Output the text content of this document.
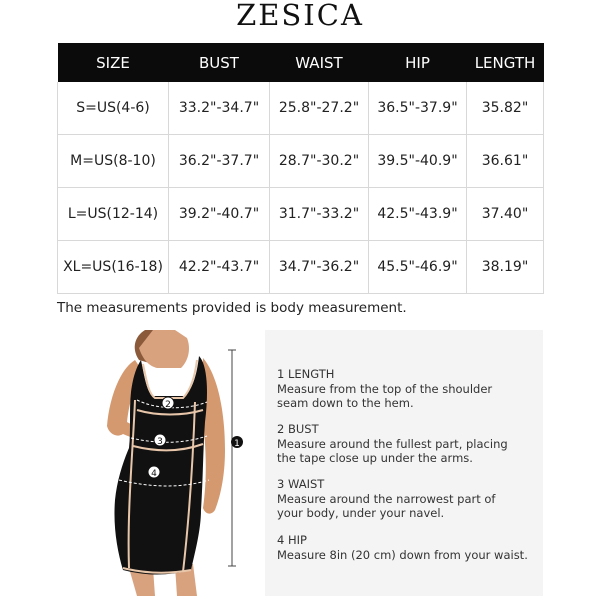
ZESICA
SIZE	BUST	WAIST	HIP	LENGTH
S=US(4-6)	33.2"-34.7"	25.8"-27.2"	36.5"-37.9"	35.82"
M=US(8-10)	36.2"-37.7"	28.7"-30.2"	39.5"-40.9"	36.61"
L=US(12-14)	39.2"-40.7"	31.7"-33.2"	42.5"-43.9"	37.40"
XL=US(16-18)	42.2"-43.7"	34.7"-36.2"	45.5"-46.9"	38.19"
The measurements provided is body measurement.
1
2
3
4
1 LENGTH
Measure from the top of the shoulder
seam down to the hem.
2 BUST
Measure around the fullest part, placing
the tape close up under the arms.
3 WAIST
Measure around the narrowest part of
your body, under your navel.
4 HIP
Measure 8in (20 cm) down from your waist.
